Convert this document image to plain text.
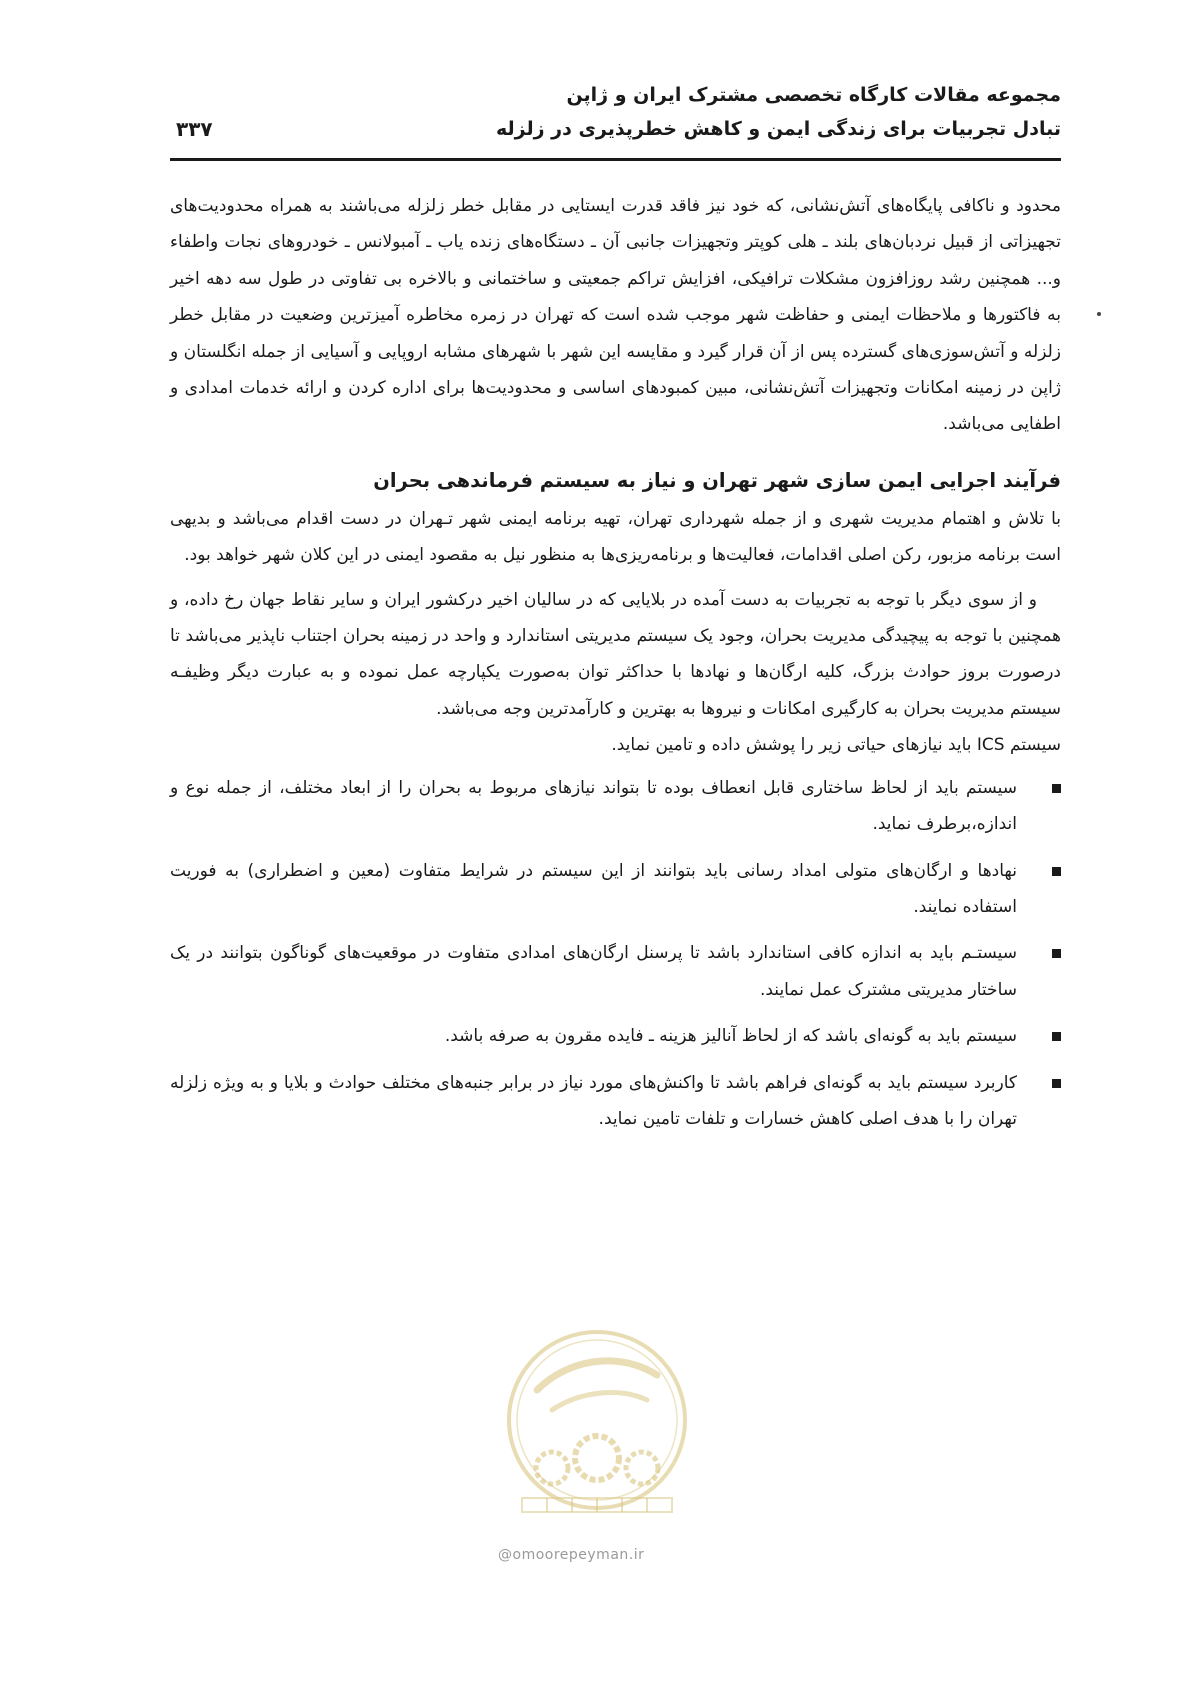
مجموعه مقالات کارگاه تخصصی مشترک ایران و ژاپن
تبادل تجربیات برای زندگی ایمن و کاهش خطرپذیری در زلزله
۳۳۷

محدود و ناکافی پایگاه‌های آتش‌نشانی، که خود نیز فاقد قدرت ایستایی در مقابل خطر زلزله می‌باشند به همراه محدودیت‌های تجهیزاتی از قبیل نردبان‌های بلند ـ هلی کوپتر وتجهیزات جانبی آن ـ دستگاه‌های زنده یاب ـ آمبولانس ـ خودروهای نجات واطفاء و... همچنین رشد روزافزون مشکلات ترافیکی، افزایش تراکم جمعیتی و ساختمانی و بالاخره بی تفاوتی در طول سه دهه اخیر به فاکتورها و ملاحظات ایمنی و حفاظت شهر موجب شده است که تهران در زمره مخاطره آمیزترین وضعیت در مقابل خطر زلزله و آتش‌سوزی‌های گسترده پس از آن قرار گیرد و مقایسه این شهر با شهرهای مشابه اروپایی و آسیایی از جمله انگلستان و ژاپن در زمینه امکانات وتجهیزات آتش‌نشانی، مبین کمبودهای اساسی و محدودیت‌ها برای اداره کردن و ارائه خدمات امدادی و اطفایی می‌باشد.

فرآیند اجرایی ایمن سازی شهر تهران و نیاز به سیستم فرماندهی بحران

با تلاش و اهتمام مدیریت شهری و از جمله شهرداری تهران، تهیه برنامه ایمنی شهر تـهران در دست اقدام می‌باشد و بدیهی است برنامه مزبور، رکن اصلی اقدامات، فعالیت‌ها و برنامه‌ریزی‌ها به منظور نیل به مقصود ایمنی در این کلان شهر خواهد بود.

و از سوی دیگر با توجه به تجربیات به دست آمده در بلایایی که در سالیان اخیر درکشور ایران و سایر نقاط جهان رخ داده، و همچنین با توجه به پیچیدگی مدیریت بحران، وجود یک سیستم مدیریتی استاندارد و واحد در زمینه بحران اجتناب ناپذیر می‌باشد تا درصورت بروز حوادث بزرگ، کلیه ارگان‌ها و نهادها با حداکثر توان به‌صورت یکپارچه عمل نموده و به عبارت دیگر وظیفـه سیستم مدیریت بحران به کارگیری امکانات و نیروها به بهترین و کارآمدترین وجه می‌باشد.

سیستم ICS باید نیازهای حیاتی زیر را پوشش داده و تامین نماید.

سیستم باید از لحاظ ساختاری قابل انعطاف بوده تا بتواند نیازهای مربوط به بحران را از ابعاد مختلف، از جمله نوع و اندازه،برطرف نماید.
نهادها و ارگان‌های متولی امداد رسانی باید بتوانند از این سیستم در شرایط متفاوت (معین و اضطراری) به فوریت استفاده نمایند.
سیستـم باید به اندازه کافی استاندارد باشد تا پرسنل ارگان‌های امدادی متفاوت در موقعیت‌های گوناگون بتوانند در یک ساختار مدیریتی مشترک عمل نمایند.
سیستم باید به گونه‌ای باشد که از لحاظ آنالیز هزینه ـ فایده مقرون به صرفه باشد.
کاربرد سیستم باید به گونه‌ای فراهم باشد تا واکنش‌های مورد نیاز در برابر جنبه‌های مختلف حوادث و بلایا و به ویژه زلزله تهران را با هدف اصلی کاهش خسارات و تلفات تامین نماید.
@omoorepeyman.ir
